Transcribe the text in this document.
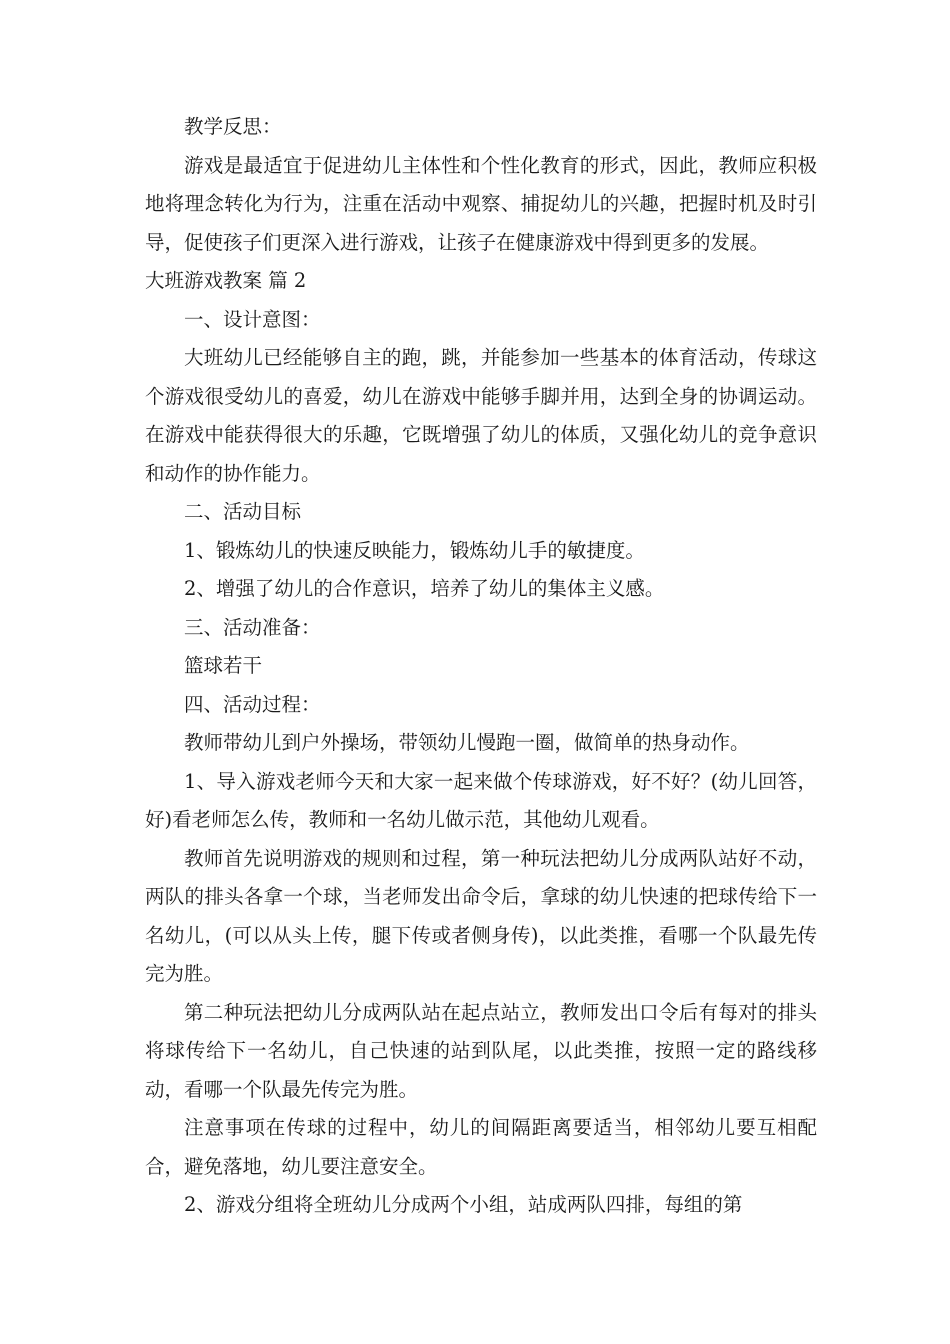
教学反思：

游戏是最适宜于促进幼儿主体性和个性化教育的形式，因此，教师应积极地将理念转化为行为，注重在活动中观察、捕捉幼儿的兴趣，把握时机及时引导，促使孩子们更深入进行游戏，让孩子在健康游戏中得到更多的发展。

大班游戏教案 篇 2

一、设计意图：

大班幼儿已经能够自主的跑，跳，并能参加一些基本的体育活动，传球这个游戏很受幼儿的喜爱，幼儿在游戏中能够手脚并用，达到全身的协调运动。在游戏中能获得很大的乐趣，它既增强了幼儿的体质，又强化幼儿的竞争意识和动作的协作能力。

二、活动目标

1、锻炼幼儿的快速反映能力，锻炼幼儿手的敏捷度。

2、增强了幼儿的合作意识，培养了幼儿的集体主义感。

三、活动准备：

篮球若干

四、活动过程：

教师带幼儿到户外操场，带领幼儿慢跑一圈，做简单的热身动作。

1、导入游戏老师今天和大家一起来做个传球游戏，好不好？(幼儿回答，好)看老师怎么传，教师和一名幼儿做示范，其他幼儿观看。

教师首先说明游戏的规则和过程，第一种玩法把幼儿分成两队站好不动，两队的排头各拿一个球，当老师发出命令后，拿球的幼儿快速的把球传给下一名幼儿，(可以从头上传，腿下传或者侧身传)，以此类推，看哪一个队最先传完为胜。

第二种玩法把幼儿分成两队站在起点站立，教师发出口令后有每对的排头将球传给下一名幼儿，自己快速的站到队尾，以此类推，按照一定的路线移动，看哪一个队最先传完为胜。

注意事项在传球的过程中，幼儿的间隔距离要适当，相邻幼儿要互相配合，避免落地，幼儿要注意安全。

2、游戏分组将全班幼儿分成两个小组，站成两队四排，每组的第
